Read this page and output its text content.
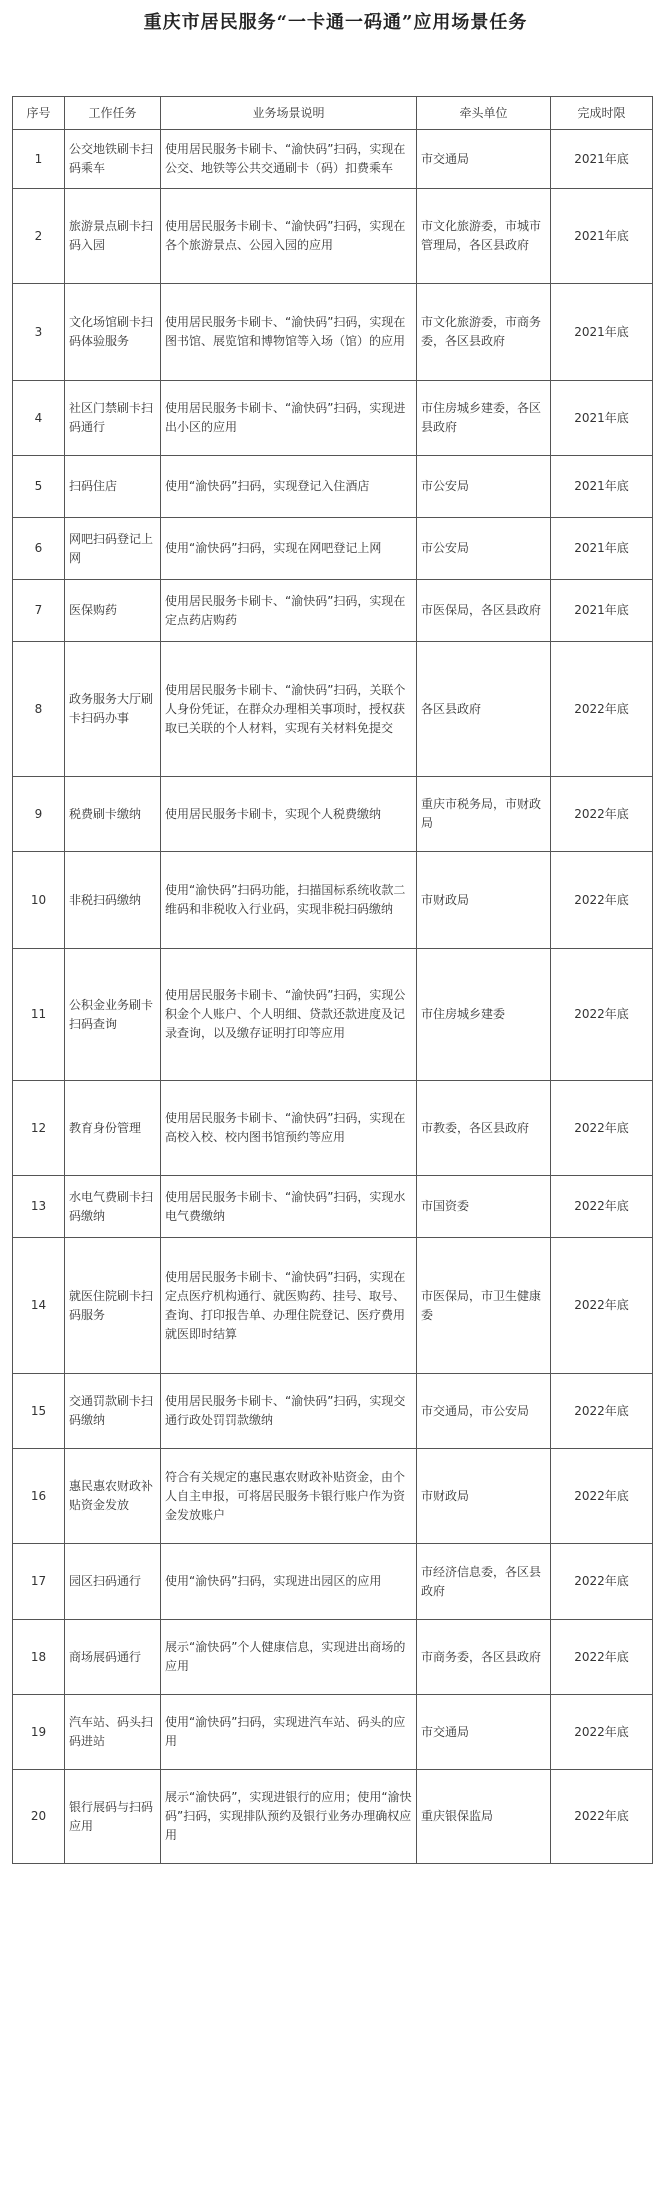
重庆市居民服务“一卡通一码通”应用场景任务
序号	工作任务	业务场景说明	牵头单位	完成时限
1	公交地铁刷卡扫码乘车	使用居民服务卡刷卡、“渝快码”扫码，实现在公交、地铁等公共交通刷卡（码）扣费乘车	市交通局	2021年底
2	旅游景点刷卡扫码入园	使用居民服务卡刷卡、“渝快码”扫码，实现在各个旅游景点、公园入园的应用	市文化旅游委，市城市管理局，各区县政府	2021年底
3	文化场馆刷卡扫码体验服务	使用居民服务卡刷卡、“渝快码”扫码，实现在图书馆、展览馆和博物馆等入场（馆）的应用	市文化旅游委，市商务委，各区县政府	2021年底
4	社区门禁刷卡扫码通行	使用居民服务卡刷卡、“渝快码”扫码，实现进出小区的应用	市住房城乡建委，各区县政府	2021年底
5	扫码住店	使用“渝快码”扫码，实现登记入住酒店	市公安局	2021年底
6	网吧扫码登记上网	使用“渝快码”扫码，实现在网吧登记上网	市公安局	2021年底
7	医保购药	使用居民服务卡刷卡、“渝快码”扫码，实现在定点药店购药	市医保局，各区县政府	2021年底
8	政务服务大厅刷卡扫码办事	使用居民服务卡刷卡、“渝快码”扫码，关联个人身份凭证，在群众办理相关事项时，授权获取已关联的个人材料，实现有关材料免提交	各区县政府	2022年底
9	税费刷卡缴纳	使用居民服务卡刷卡，实现个人税费缴纳	重庆市税务局，市财政局	2022年底
10	非税扫码缴纳	使用“渝快码”扫码功能，扫描国标系统收款二维码和非税收入行业码，实现非税扫码缴纳	市财政局	2022年底
11	公积金业务刷卡扫码查询	使用居民服务卡刷卡、“渝快码”扫码，实现公积金个人账户、个人明细、贷款还款进度及记录查询，以及缴存证明打印等应用	市住房城乡建委	2022年底
12	教育身份管理	使用居民服务卡刷卡、“渝快码”扫码，实现在高校入校、校内图书馆预约等应用	市教委，各区县政府	2022年底
13	水电气费刷卡扫码缴纳	使用居民服务卡刷卡、“渝快码”扫码，实现水电气费缴纳	市国资委	2022年底
14	就医住院刷卡扫码服务	使用居民服务卡刷卡、“渝快码”扫码，实现在定点医疗机构通行、就医购药、挂号、取号、查询、打印报告单、办理住院登记、医疗费用就医即时结算	市医保局，市卫生健康委	2022年底
15	交通罚款刷卡扫码缴纳	使用居民服务卡刷卡、“渝快码”扫码，实现交通行政处罚罚款缴纳	市交通局，市公安局	2022年底
16	惠民惠农财政补贴资金发放	符合有关规定的惠民惠农财政补贴资金，由个人自主申报，可将居民服务卡银行账户作为资金发放账户	市财政局	2022年底
17	园区扫码通行	使用“渝快码”扫码，实现进出园区的应用	市经济信息委，各区县政府	2022年底
18	商场展码通行	展示“渝快码”个人健康信息，实现进出商场的应用	市商务委，各区县政府	2022年底
19	汽车站、码头扫码进站	使用“渝快码”扫码，实现进汽车站、码头的应用	市交通局	2022年底
20	银行展码与扫码应用	展示“渝快码”，实现进银行的应用；使用“渝快码”扫码，实现排队预约及银行业务办理确权应用	重庆银保监局	2022年底
